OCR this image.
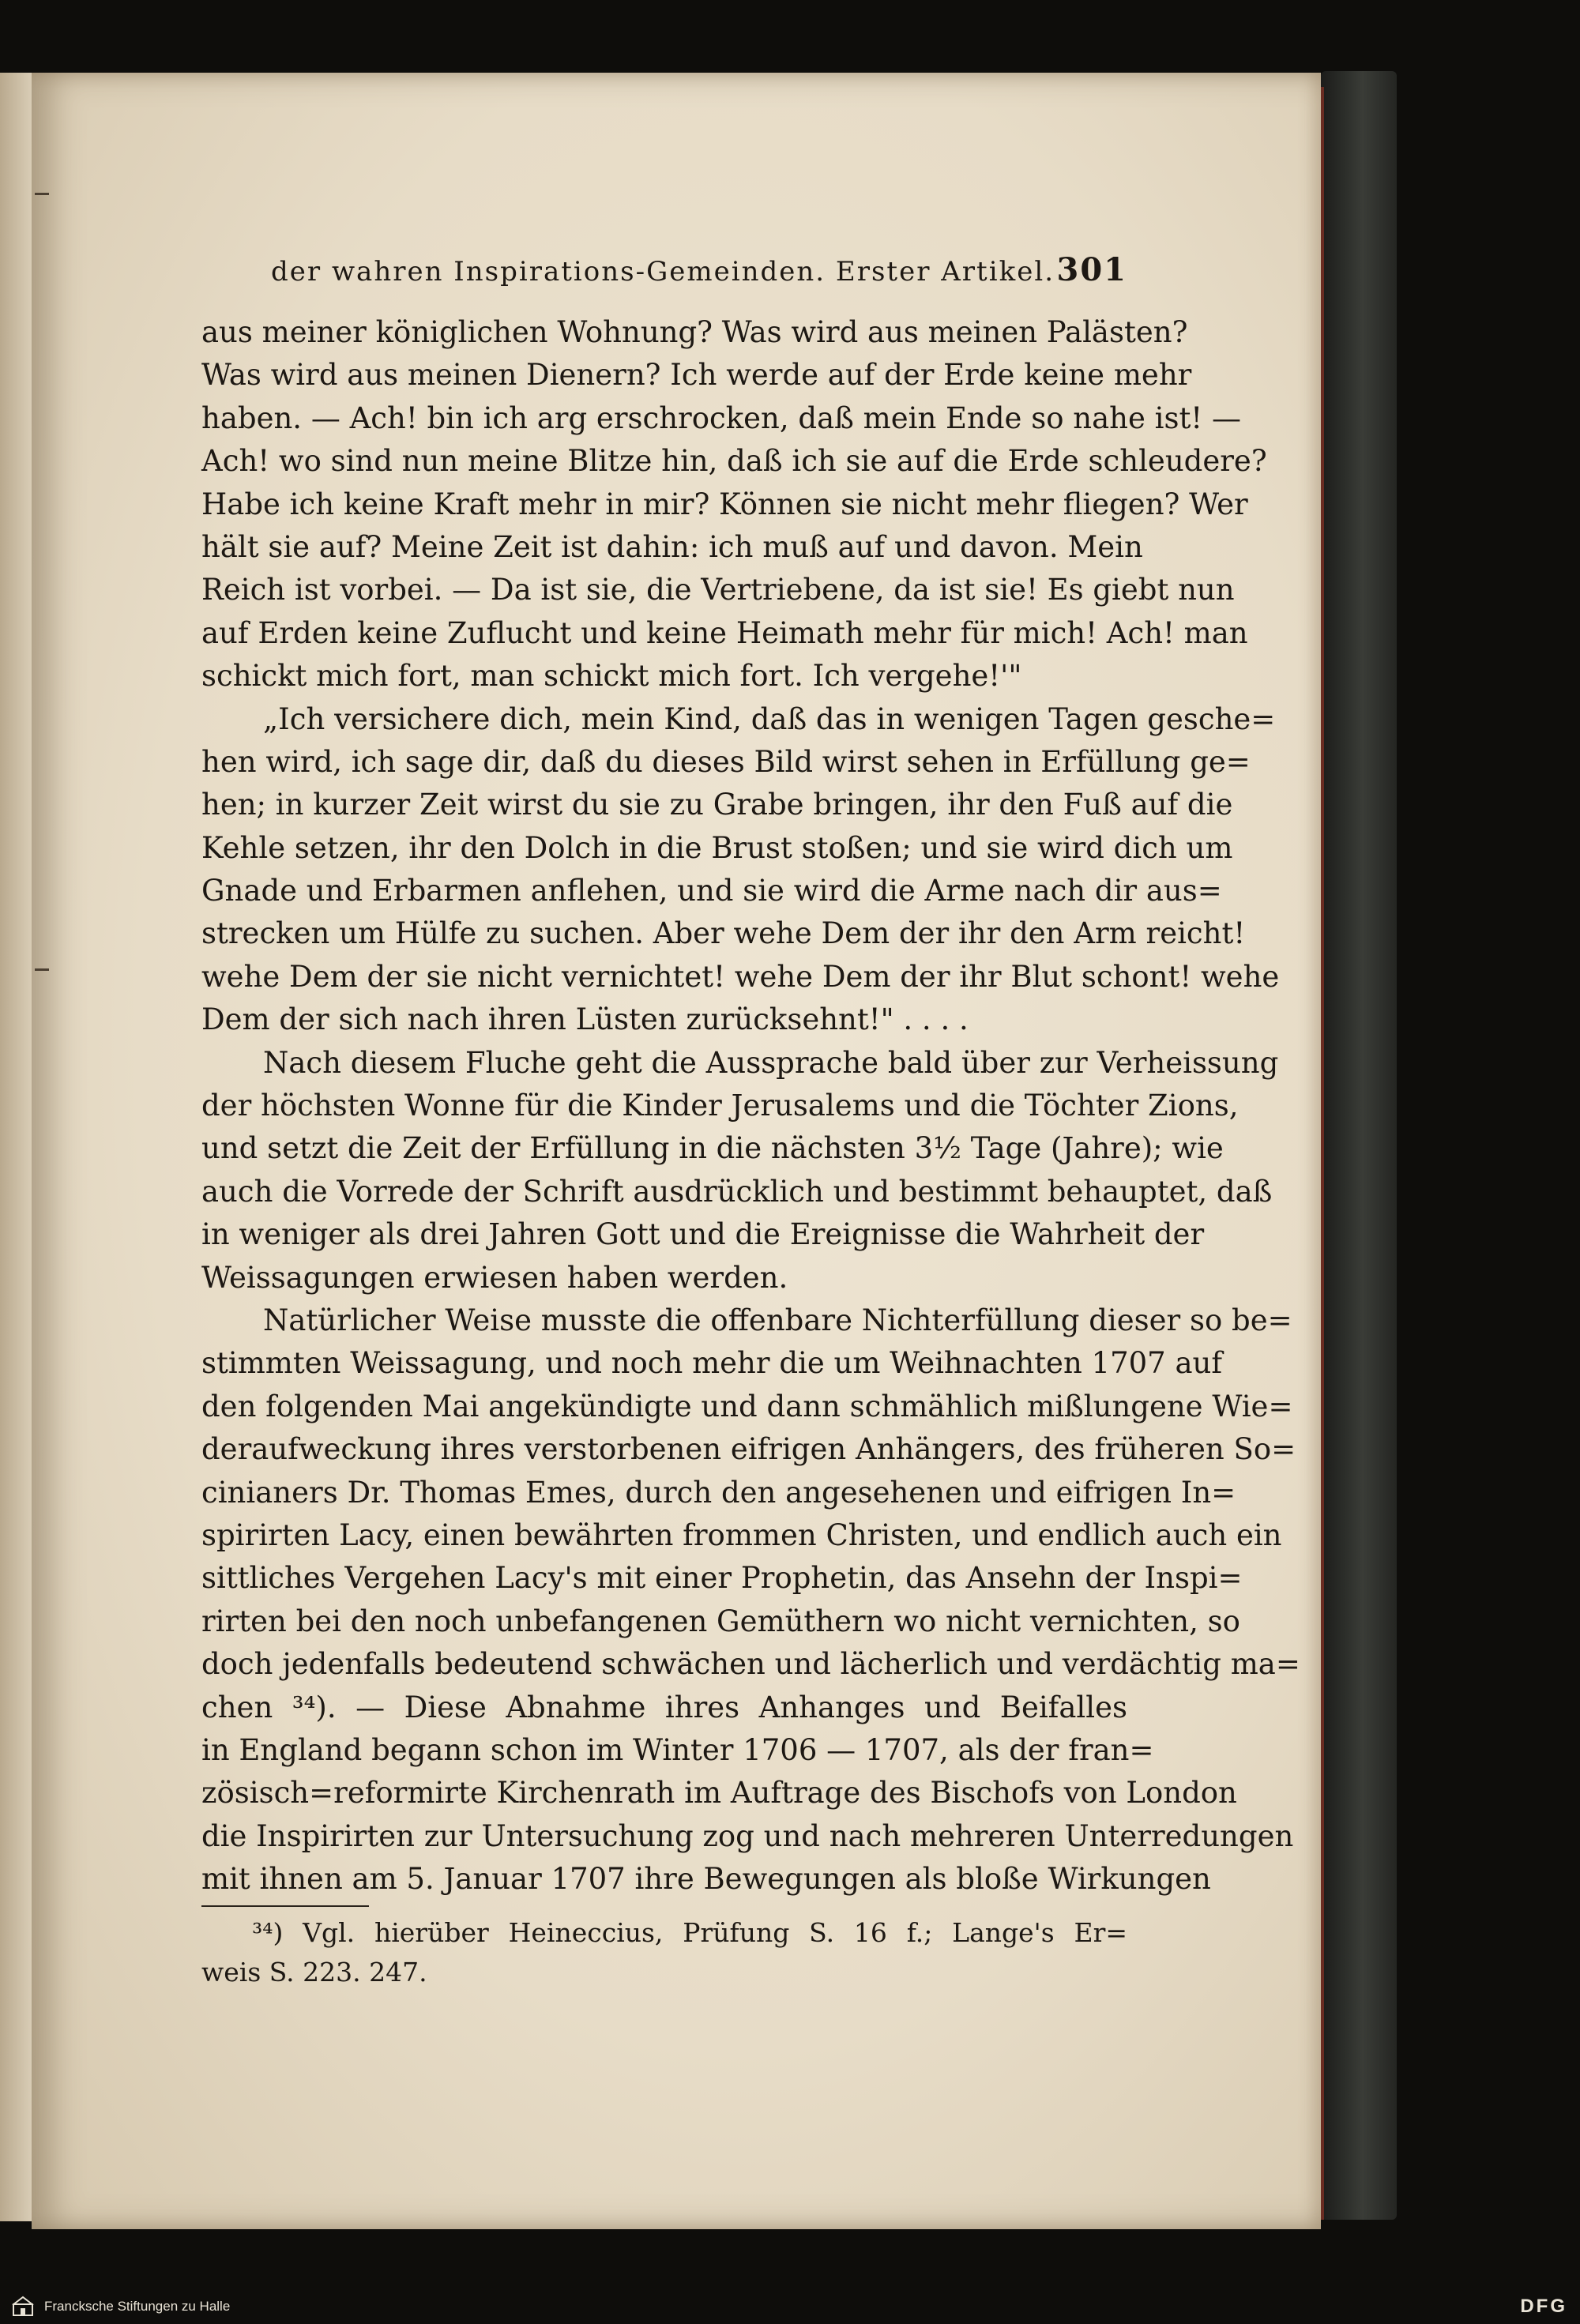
der wahren Inspirations-Gemeinden. Erster Artikel. 301
aus meiner königlichen Wohnung? Was wird aus meinen Palästen?
Was wird aus meinen Dienern? Ich werde auf der Erde keine mehr
haben. — Ach! bin ich arg erschrocken, daß mein Ende so nahe ist! —
Ach! wo sind nun meine Blitze hin, daß ich sie auf die Erde schleudere?
Habe ich keine Kraft mehr in mir? Können sie nicht mehr fliegen? Wer
hält sie auf? Meine Zeit ist dahin: ich muß auf und davon. Mein
Reich ist vorbei. — Da ist sie, die Vertriebene, da ist sie! Es giebt nun
auf Erden keine Zuflucht und keine Heimath mehr für mich! Ach! man
schickt mich fort, man schickt mich fort. Ich vergehe!'"
„Ich versichere dich, mein Kind, daß das in wenigen Tagen gesche=
hen wird, ich sage dir, daß du dieses Bild wirst sehen in Erfüllung ge=
hen; in kurzer Zeit wirst du sie zu Grabe bringen, ihr den Fuß auf die
Kehle setzen, ihr den Dolch in die Brust stoßen; und sie wird dich um
Gnade und Erbarmen anflehen, und sie wird die Arme nach dir aus=
strecken um Hülfe zu suchen. Aber wehe Dem der ihr den Arm reicht!
wehe Dem der sie nicht vernichtet! wehe Dem der ihr Blut schont! wehe
Dem der sich nach ihren Lüsten zurücksehnt!" . . . .
Nach diesem Fluche geht die Aussprache bald über zur Verheissung
der höchsten Wonne für die Kinder Jerusalems und die Töchter Zions,
und setzt die Zeit der Erfüllung in die nächsten 3½ Tage (Jahre); wie
auch die Vorrede der Schrift ausdrücklich und bestimmt behauptet, daß
in weniger als drei Jahren Gott und die Ereignisse die Wahrheit der
Weissagungen erwiesen haben werden.
Natürlicher Weise musste die offenbare Nichterfüllung dieser so be=
stimmten Weissagung, und noch mehr die um Weihnachten 1707 auf
den folgenden Mai angekündigte und dann schmählich mißlungene Wie=
deraufweckung ihres verstorbenen eifrigen Anhängers, des früheren So=
cinianers Dr. Thomas Emes, durch den angesehenen und eifrigen In=
spirirten Lacy, einen bewährten frommen Christen, und endlich auch ein
sittliches Vergehen Lacy's mit einer Prophetin, das Ansehn der Inspi=
rirten bei den noch unbefangenen Gemüthern wo nicht vernichten, so
doch jedenfalls bedeutend schwächen und lächerlich und verdächtig ma=
chen ³⁴). — Diese Abnahme ihres Anhanges und Beifalles
in England begann schon im Winter 1706 — 1707, als der fran=
zösisch=reformirte Kirchenrath im Auftrage des Bischofs von London
die Inspirirten zur Untersuchung zog und nach mehreren Unterredungen
mit ihnen am 5. Januar 1707 ihre Bewegungen als bloße Wirkungen
³⁴) Vgl. hierüber Heineccius, Prüfung S. 16 f.; Lange's Er=
weis S. 223. 247.
Francksche Stiftungen zu Halle	DFG
